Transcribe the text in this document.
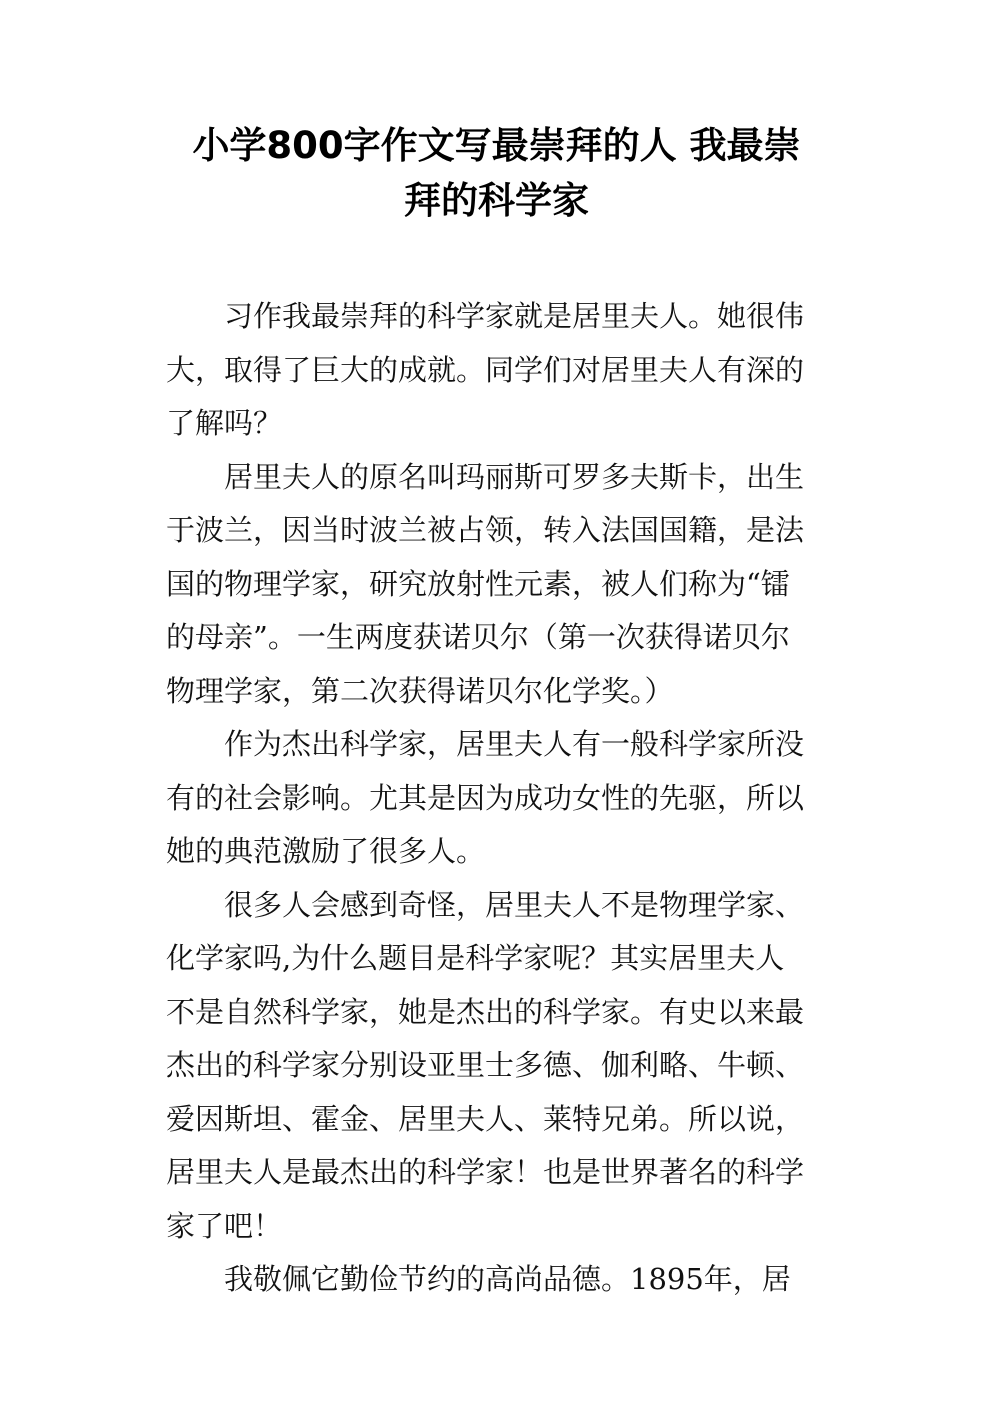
小学800字作文写最崇拜的人 我最崇
拜的科学家

习作我最崇拜的科学家就是居里夫人。她很伟
大，取得了巨大的成就。同学们对居里夫人有深的
了解吗？

居里夫人的原名叫玛丽斯可罗多夫斯卡，出生
于波兰，因当时波兰被占领，转入法国国籍，是法
国的物理学家，研究放射性元素，被人们称为“镭
的母亲”。一生两度获诺贝尔（第一次获得诺贝尔
物理学家，第二次获得诺贝尔化学奖。）

作为杰出科学家，居里夫人有一般科学家所没
有的社会影响。尤其是因为成功女性的先驱，所以
她的典范激励了很多人。

很多人会感到奇怪，居里夫人不是物理学家、
化学家吗,为什么题目是科学家呢？其实居里夫人
不是自然科学家，她是杰出的科学家。有史以来最
杰出的科学家分别设亚里士多德、伽利略、牛顿、
爱因斯坦、霍金、居里夫人、莱特兄弟。所以说，
居里夫人是最杰出的科学家！也是世界著名的科学
家了吧！

我敬佩它勤俭节约的高尚品德。1895年，居
